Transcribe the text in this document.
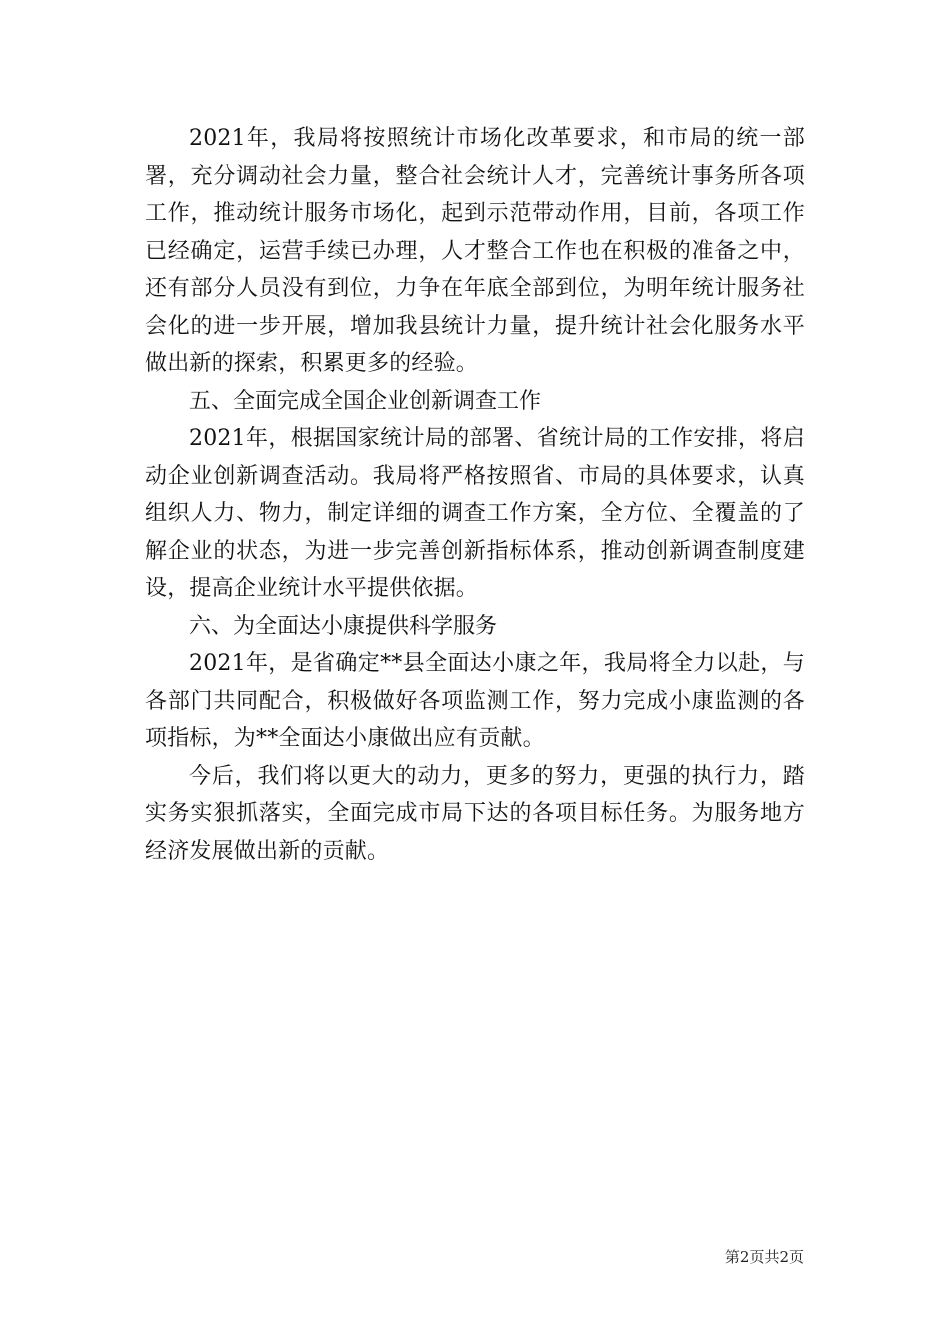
2021年，我局将按照统计市场化改革要求，和市局的统一部署，充分调动社会力量，整合社会统计人才，完善统计事务所各项工作，推动统计服务市场化，起到示范带动作用，目前，各项工作已经确定，运营手续已办理，人才整合工作也在积极的准备之中，还有部分人员没有到位，力争在年底全部到位，为明年统计服务社会化的进一步开展，增加我县统计力量，提升统计社会化服务水平做出新的探索，积累更多的经验。

五、全面完成全国企业创新调查工作

2021年，根据国家统计局的部署、省统计局的工作安排，将启动企业创新调查活动。我局将严格按照省、市局的具体要求，认真组织人力、物力，制定详细的调查工作方案，全方位、全覆盖的了解企业的状态，为进一步完善创新指标体系，推动创新调查制度建设，提高企业统计水平提供依据。

六、为全面达小康提供科学服务

2021年，是省确定**县全面达小康之年，我局将全力以赴，与各部门共同配合，积极做好各项监测工作，努力完成小康监测的各项指标，为**全面达小康做出应有贡献。

今后，我们将以更大的动力，更多的努力，更强的执行力，踏实务实狠抓落实，全面完成市局下达的各项目标任务。为服务地方经济发展做出新的贡献。

第2页共2页
